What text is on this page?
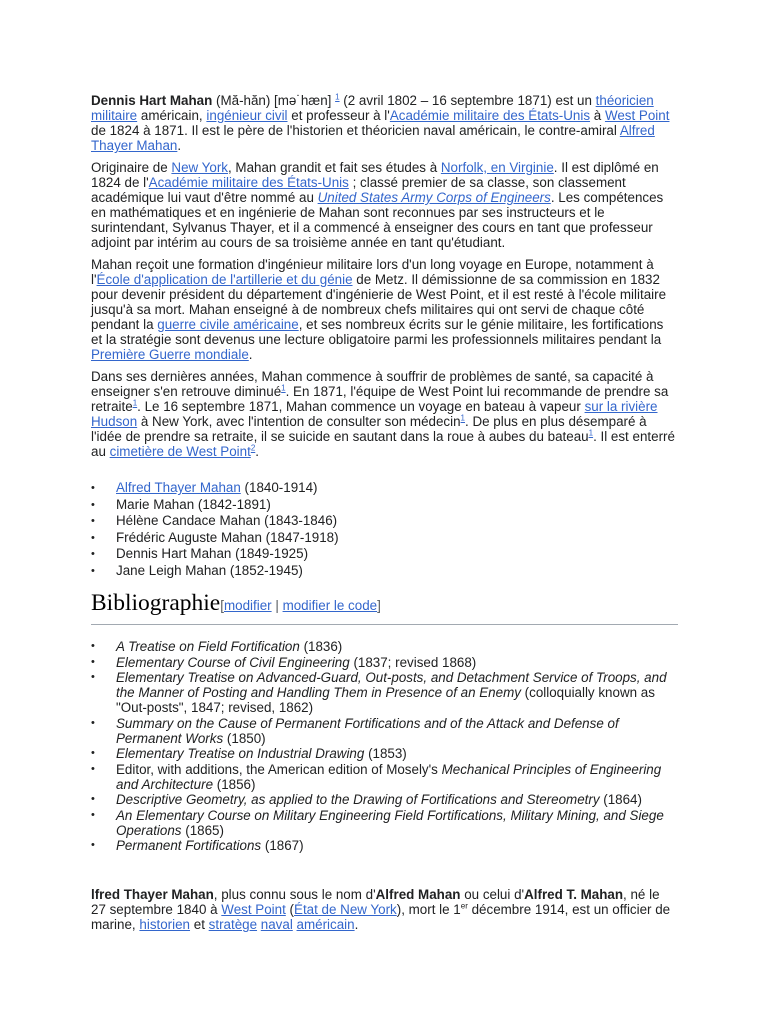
Dennis Hart Mahan (Mă-hăn) [mə˙hæn] $^1$ (2 avril 1802 – 16 septembre 1871) est un théoricien militaire américain, ingénieur civil et professeur à l'Académie militaire des États-Unis à West Point de 1824 à 1871. Il est le père de l'historien et théoricien naval américain, le contre-amiral Alfred Thayer Mahan.

Originaire de New York, Mahan grandit et fait ses études à Norfolk, en Virginie. Il est diplômé en 1824 de l'Académie militaire des États-Unis ; classé premier de sa classe, son classement académique lui vaut d'être nommé au United States Army Corps of Engineers. Les compétences en mathématiques et en ingénierie de Mahan sont reconnues par ses instructeurs et le surintendant, Sylvanus Thayer, et il a commencé à enseigner des cours en tant que professeur adjoint par intérim au cours de sa troisième année en tant qu'étudiant.

Mahan reçoit une formation d'ingénieur militaire lors d'un long voyage en Europe, notamment à l'École d'application de l'artillerie et du génie de Metz. Il démissionne de sa commission en 1832 pour devenir président du département d'ingénierie de West Point, et il est resté à l'école militaire jusqu'à sa mort. Mahan enseigné à de nombreux chefs militaires qui ont servi de chaque côté pendant la guerre civile américaine, et ses nombreux écrits sur le génie militaire, les fortifications et la stratégie sont devenus une lecture obligatoire parmi les professionnels militaires pendant la Première Guerre mondiale.

Dans ses dernières années, Mahan commence à souffrir de problèmes de santé, sa capacité à enseigner s'en retrouve diminué$^1$. En 1871, l'équipe de West Point lui recommande de prendre sa retraite$^1$. Le 16 septembre 1871, Mahan commence un voyage en bateau à vapeur sur la rivière Hudson à New York, avec l'intention de consulter son médecin$^1$. De plus en plus désemparé à l'idée de prendre sa retraite, il se suicide en sautant dans la roue à aubes du bateau$^1$. Il est enterré au cimetière de West Point$^2$.

• Alfred Thayer Mahan (1840-1914)
• Marie Mahan (1842-1891)
• Hélène Candace Mahan (1843-1846)
• Frédéric Auguste Mahan (1847-1918)
• Dennis Hart Mahan (1849-1925)
• Jane Leigh Mahan (1852-1945)
Bibliographie[modifier | modifier le code]
• A Treatise on Field Fortification (1836)
• Elementary Course of Civil Engineering (1837; revised 1868)
• Elementary Treatise on Advanced-Guard, Out-posts, and Detachment Service of Troops, and the Manner of Posting and Handling Them in Presence of an Enemy (colloquially known as "Out-posts", 1847; revised, 1862)
• Summary on the Cause of Permanent Fortifications and of the Attack and Defense of Permanent Works (1850)
• Elementary Treatise on Industrial Drawing (1853)
• Editor, with additions, the American edition of Mosely's Mechanical Principles of Engineering and Architecture (1856)
• Descriptive Geometry, as applied to the Drawing of Fortifications and Stereometry (1864)
• An Elementary Course on Military Engineering Field Fortifications, Military Mining, and Siege Operations (1865)
• Permanent Fortifications (1867)

lfred Thayer Mahan, plus connu sous le nom d'Alfred Mahan ou celui d'Alfred T. Mahan, né le 27 septembre 1840 à West Point (État de New York), mort le 1er décembre 1914, est un officier de marine, historien et stratège naval américain.
